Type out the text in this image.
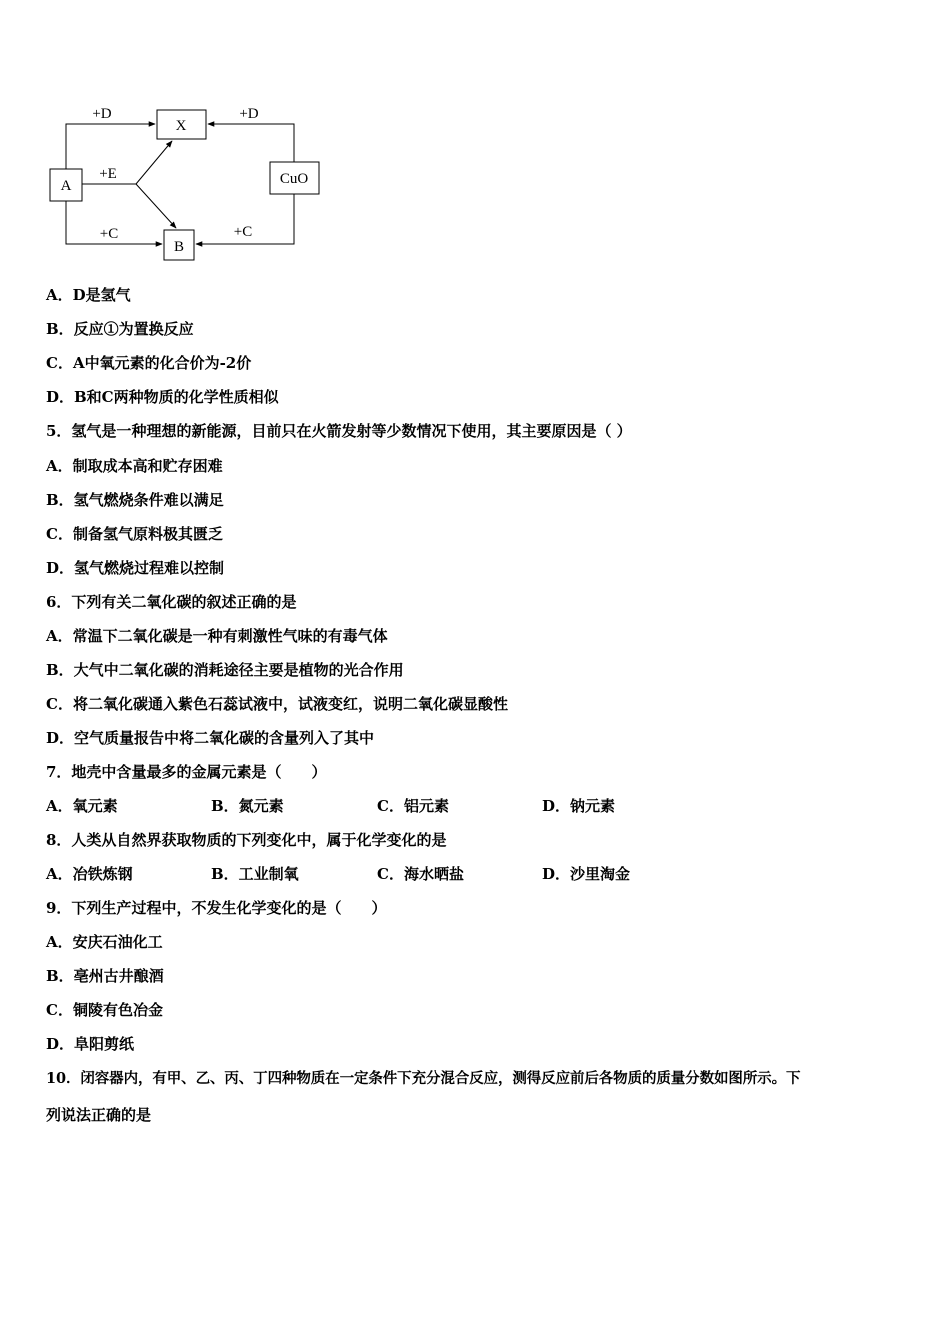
X
A	CuO
B
+D	+D
+E
+C	+C
A．D是氢气
B．反应①为置换反应
C．A中氧元素的化合价为-2价
D．B和C两种物质的化学性质相似
5．氢气是一种理想的新能源，目前只在火箭发射等少数情况下使用，其主要原因是（ ）
A．制取成本高和贮存困难
B．氢气燃烧条件难以满足
C．制备氢气原料极其匮乏
D．氢气燃烧过程难以控制
6．下列有关二氧化碳的叙述正确的是
A．常温下二氧化碳是一种有刺激性气味的有毒气体
B．大气中二氧化碳的消耗途径主要是植物的光合作用
C．将二氧化碳通入紫色石蕊试液中，试液变红，说明二氧化碳显酸性
D．空气质量报告中将二氧化碳的含量列入了其中
7．地壳中含量最多的金属元素是（　　）
A．氧元素	B．氮元素	C．铝元素	D．钠元素
8．人类从自然界获取物质的下列变化中，属于化学变化的是
A．冶铁炼钢	B．工业制氧	C．海水晒盐	D．沙里淘金
9．下列生产过程中，不发生化学变化的是（　　）
A．安庆石油化工
B．亳州古井酿酒
C．铜陵有色冶金
D．阜阳剪纸
10．闭容器内，有甲、乙、丙、丁四种物质在一定条件下充分混合反应，测得反应前后各物质的质量分数如图所示。下
列说法正确的是
